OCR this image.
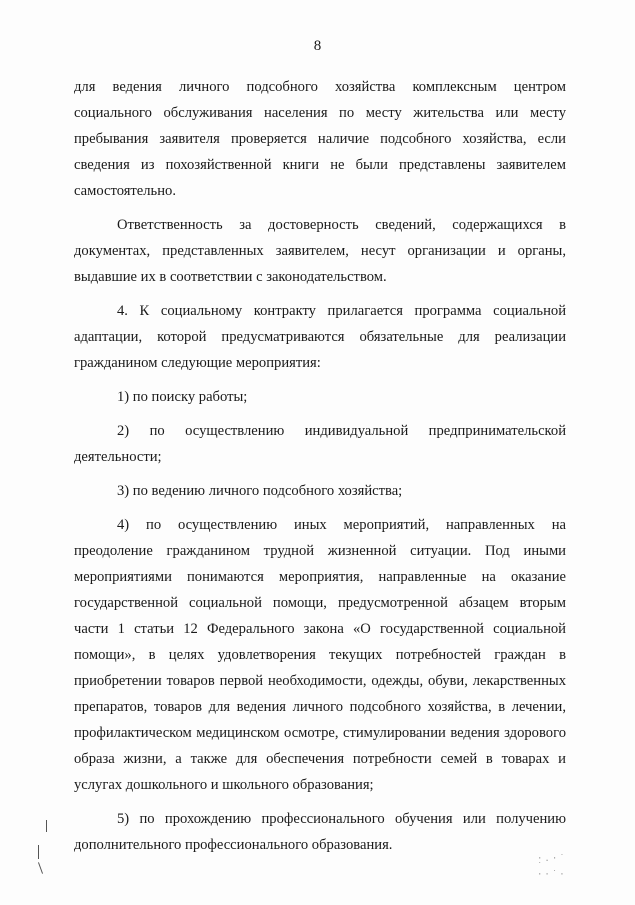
8

для ведения личного подсобного хозяйства комплексным центром социального обслуживания населения по месту жительства или месту пребывания заявителя проверяется наличие подсобного хозяйства, если сведения из похозяйственной книги не были представлены заявителем самостоятельно.

Ответственность за достоверность сведений, содержащихся в документах, представленных заявителем, несут организации и органы, выдавшие их в соответствии с законодательством.

4. К социальному контракту прилагается программа социальной адаптации, которой предусматриваются обязательные для реализации гражданином следующие мероприятия:

1) по поиску работы;

2) по осуществлению индивидуальной предпринимательской деятельности;

3) по ведению личного подсобного хозяйства;

4) по осуществлению иных мероприятий, направленных на преодоление гражданином трудной жизненной ситуации. Под иными мероприятиями понимаются мероприятия, направленные на оказание государственной социальной помощи, предусмотренной абзацем вторым части 1 статьи 12 Федерального закона «О государственной социальной помощи», в целях удовлетворения текущих потребностей граждан в приобретении товаров первой необходимости, одежды, обуви, лекарственных препаратов, товаров для ведения личного подсобного хозяйства, в лечении, профилактическом медицинском осмотре, стимулировании ведения здорового образа жизни, а также для обеспечения потребности семей в товарах и услугах дошкольного и школьного образования;

5) по прохождению профессионального обучения или получению дополнительного профессионального образования.

·.·˙
˙ ··˙·
